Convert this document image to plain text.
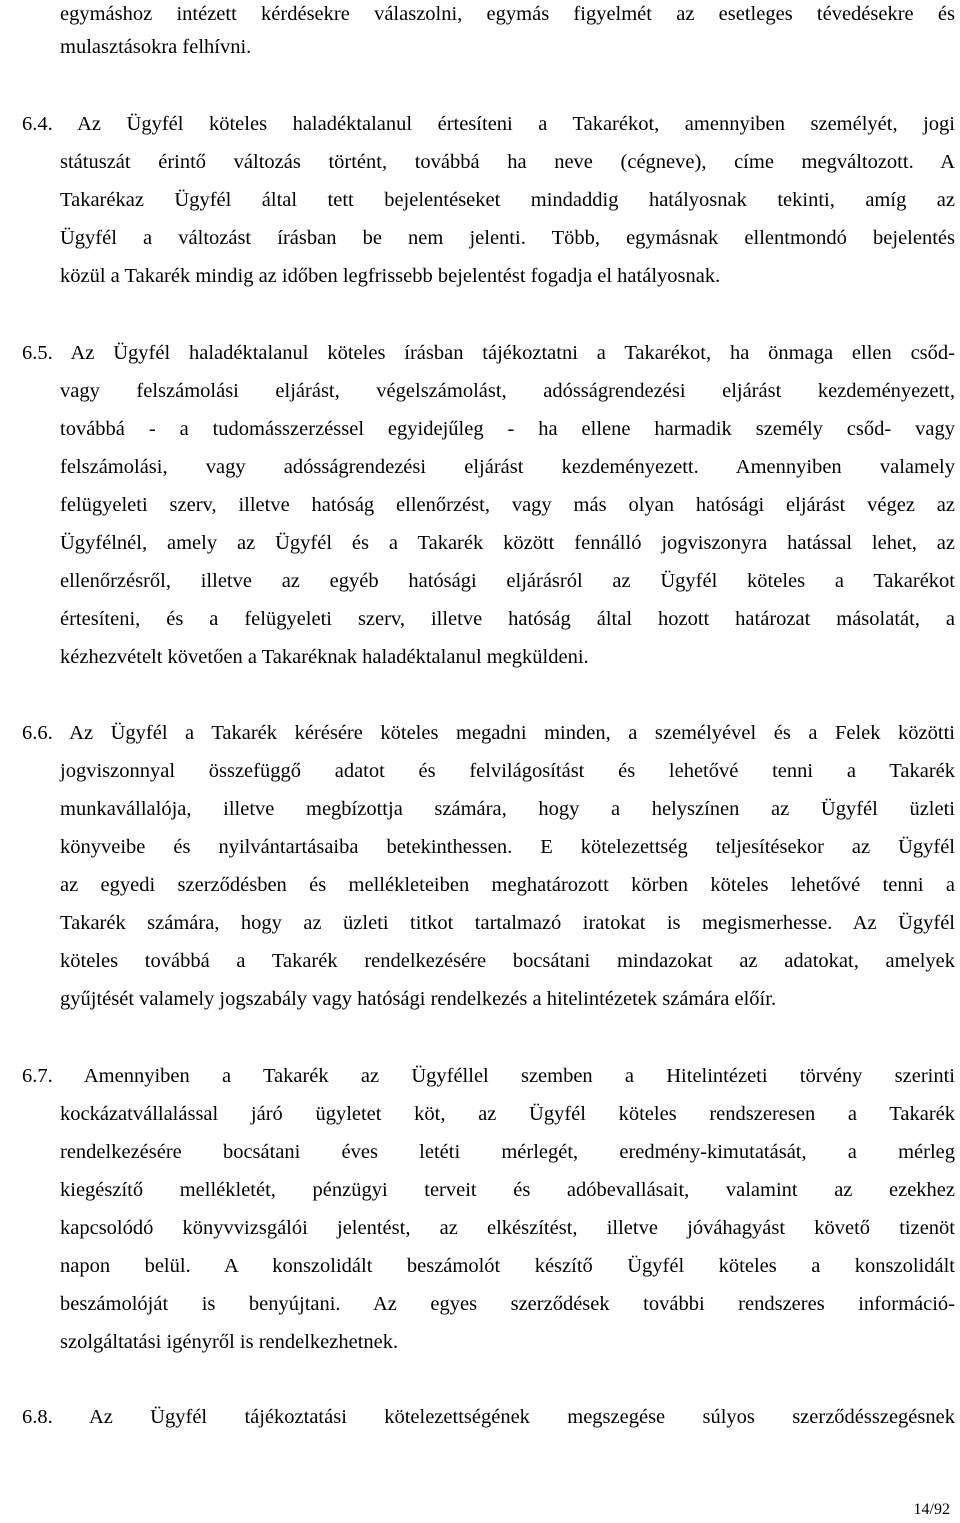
egymáshoz intézett kérdésekre válaszolni, egymás figyelmét az esetleges tévedésekre és
mulasztásokra felhívni.
6.4. Az Ügyfél köteles haladéktalanul értesíteni a Takarékot, amennyiben személyét, jogi
státuszát érintő változás történt, továbbá ha neve (cégneve), címe megváltozott. A
Takarékaz Ügyfél által tett bejelentéseket mindaddig hatályosnak tekinti, amíg az
Ügyfél a változást írásban be nem jelenti. Több, egymásnak ellentmondó bejelentés
közül a Takarék mindig az időben legfrissebb bejelentést fogadja el hatályosnak.
6.5. Az Ügyfél haladéktalanul köteles írásban tájékoztatni a Takarékot, ha önmaga ellen csőd-
vagy felszámolási eljárást, végelszámolást, adósságrendezési eljárást kezdeményezett,
továbbá - a tudomásszerzéssel egyidejűleg - ha ellene harmadik személy csőd- vagy
felszámolási, vagy adósságrendezési eljárást kezdeményezett. Amennyiben valamely
felügyeleti szerv, illetve hatóság ellenőrzést, vagy más olyan hatósági eljárást végez az
Ügyfélnél, amely az Ügyfél és a Takarék között fennálló jogviszonyra hatással lehet, az
ellenőrzésről, illetve az egyéb hatósági eljárásról az Ügyfél köteles a Takarékot
értesíteni, és a felügyeleti szerv, illetve hatóság által hozott határozat másolatát, a
kézhezvételt követően a Takaréknak haladéktalanul megküldeni.
6.6. Az Ügyfél a Takarék kérésére köteles megadni minden, a személyével és a Felek közötti
jogviszonnyal összefüggő adatot és felvilágosítást és lehetővé tenni a Takarék
munkavállalója, illetve megbízottja számára, hogy a helyszínen az Ügyfél üzleti
könyveibe és nyilvántartásaiba betekinthessen. E kötelezettség teljesítésekor az Ügyfél
az egyedi szerződésben és mellékleteiben meghatározott körben köteles lehetővé tenni a
Takarék számára, hogy az üzleti titkot tartalmazó iratokat is megismerhesse. Az Ügyfél
köteles továbbá a Takarék rendelkezésére bocsátani mindazokat az adatokat, amelyek
gyűjtését valamely jogszabály vagy hatósági rendelkezés a hitelintézetek számára előír.
6.7. Amennyiben a Takarék az Ügyféllel szemben a Hitelintézeti törvény szerinti
kockázatvállalással járó ügyletet köt, az Ügyfél köteles rendszeresen a Takarék
rendelkezésére bocsátani éves letéti mérlegét, eredmény-kimutatását, a mérleg
kiegészítő mellékletét, pénzügyi terveit és adóbevallásait, valamint az ezekhez
kapcsolódó könyvvizsgálói jelentést, az elkészítést, illetve jóváhagyást követő tizenöt
napon belül. A konszolidált beszámolót készítő Ügyfél köteles a konszolidált
beszámolóját is benyújtani. Az egyes szerződések további rendszeres információ-
szolgáltatási igényről is rendelkezhetnek.
6.8. Az Ügyfél tájékoztatási kötelezettségének megszegése súlyos szerződésszegésnek
14/92
